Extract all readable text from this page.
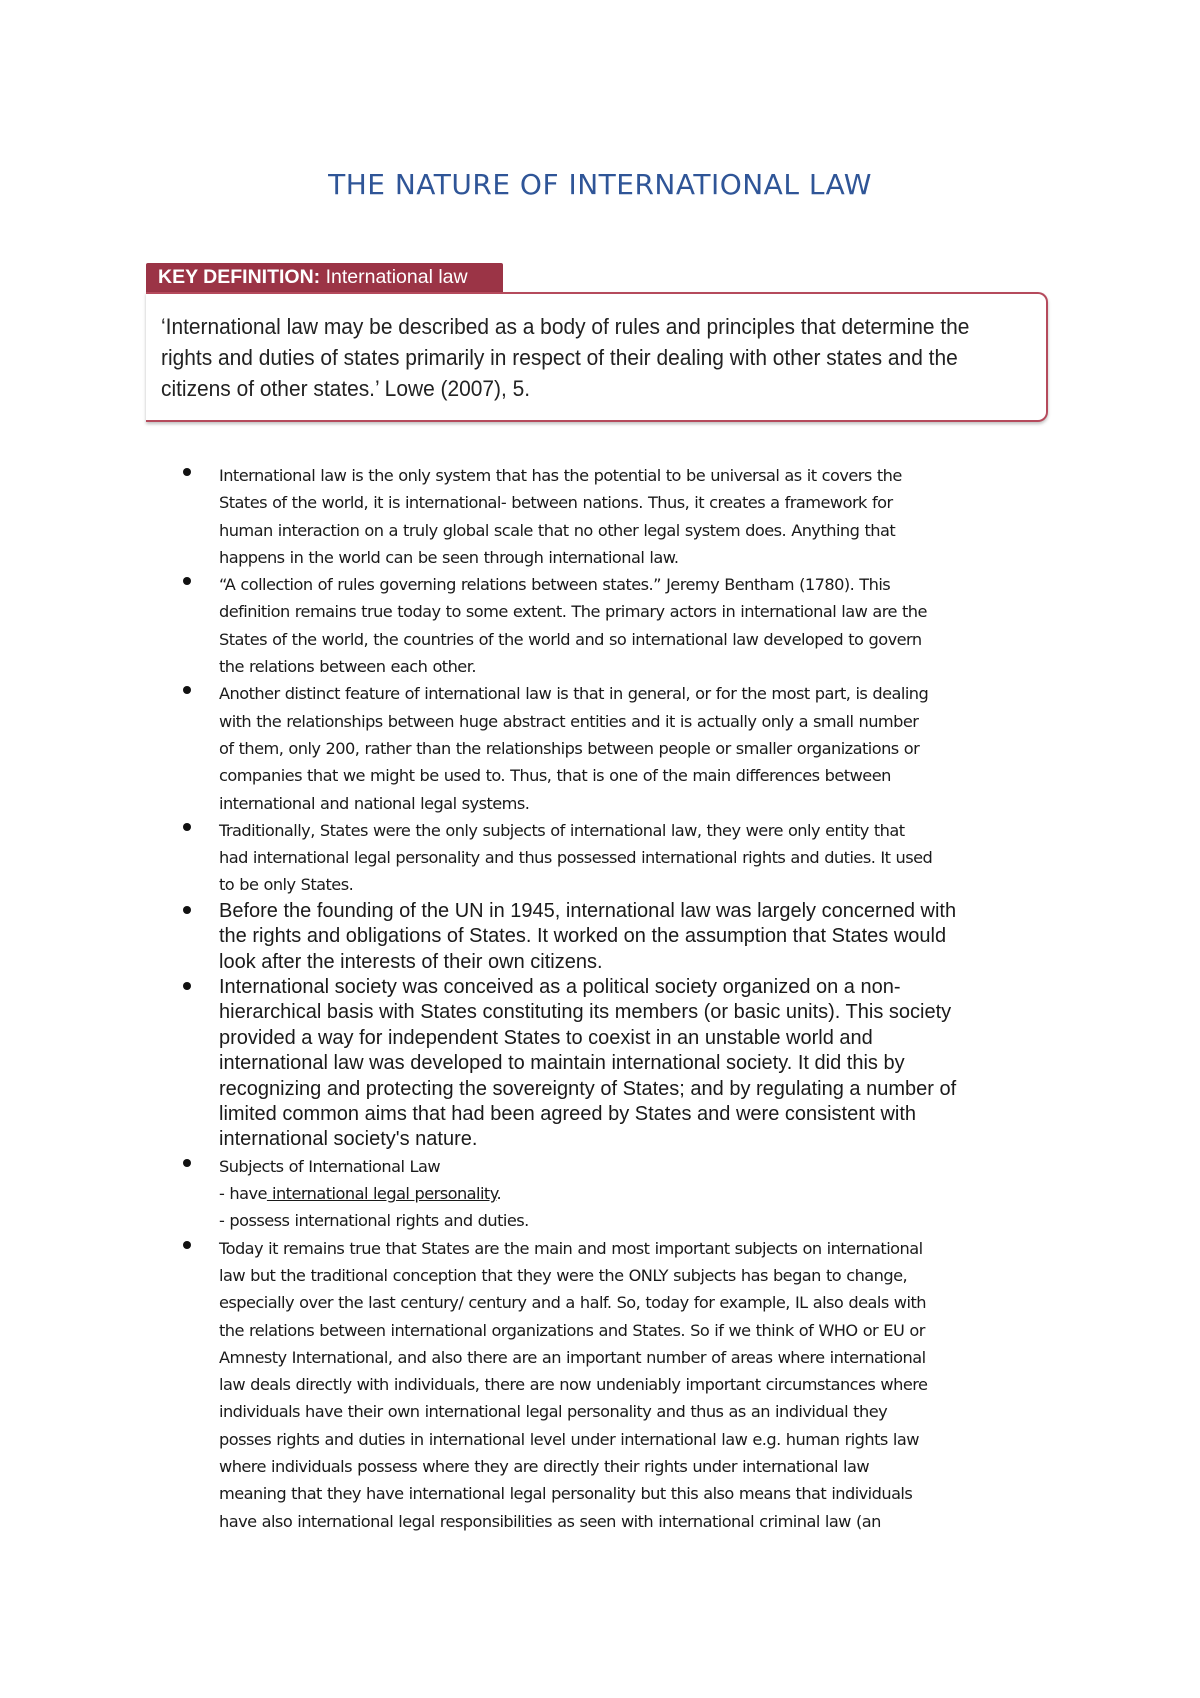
THE NATURE OF INTERNATIONAL LAW
KEY DEFINITION: International law
‘International law may be described as a body of rules and principles that determine the
rights and duties of states primarily in respect of their dealing with other states and the
citizens of other states.’ Lowe (2007), 5.
International law is the only system that has the potential to be universal as it covers the
States of the world, it is international- between nations. Thus, it creates a framework for
human interaction on a truly global scale that no other legal system does. Anything that
happens in the world can be seen through international law.
“A collection of rules governing relations between states.” Jeremy Bentham (1780). This
definition remains true today to some extent. The primary actors in international law are the
States of the world, the countries of the world and so international law developed to govern
the relations between each other.
Another distinct feature of international law is that in general, or for the most part, is dealing
with the relationships between huge abstract entities and it is actually only a small number
of them, only 200, rather than the relationships between people or smaller organizations or
companies that we might be used to. Thus, that is one of the main differences between
international and national legal systems.
Traditionally, States were the only subjects of international law, they were only entity that
had international legal personality and thus possessed international rights and duties. It used
to be only States.
Before the founding of the UN in 1945, international law was largely concerned with
the rights and obligations of States. It worked on the assumption that States would
look after the interests of their own citizens.
International society was conceived as a political society organized on a non-
hierarchical basis with States constituting its members (or basic units). This society
provided a way for independent States to coexist in an unstable world and
international law was developed to maintain international society. It did this by
recognizing and protecting the sovereignty of States; and by regulating a number of
limited common aims that had been agreed by States and were consistent with
international society's nature.
Subjects of International Law
- have international legal personality.
- possess international rights and duties.
Today it remains true that States are the main and most important subjects on international
law but the traditional conception that they were the ONLY subjects has began to change,
especially over the last century/ century and a half. So, today for example, IL also deals with
the relations between international organizations and States. So if we think of WHO or EU or
Amnesty International, and also there are an important number of areas where international
law deals directly with individuals, there are now undeniably important circumstances where
individuals have their own international legal personality and thus as an individual they
posses rights and duties in international level under international law e.g. human rights law
where individuals possess where they are directly their rights under international law
meaning that they have international legal personality but this also means that individuals
have also international legal responsibilities as seen with international criminal law (an
